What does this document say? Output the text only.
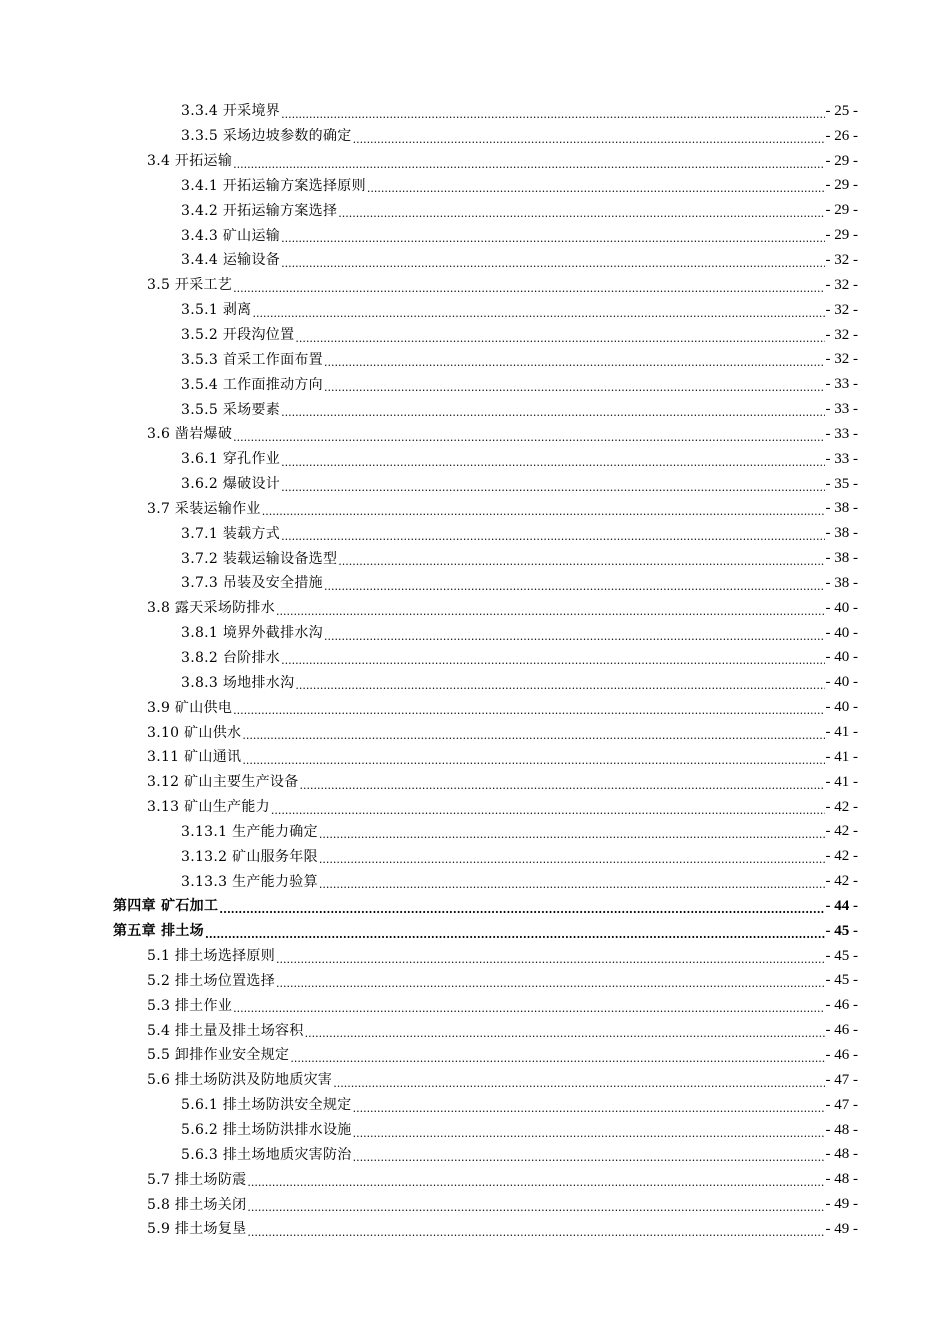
3.3.4 开采境界 .....	- 25 -
3.3.5 采场边坡参数的确定 .....	- 26 -
3.4 开拓运输 .....	- 29 -
3.4.1 开拓运输方案选择原则 .....	- 29 -
3.4.2 开拓运输方案选择 .....	- 29 -
3.4.3 矿山运输 .....	- 29 -
3.4.4 运输设备 .....	- 32 -
3.5 开采工艺 .....	- 32 -
3.5.1 剥离 .....	- 32 -
3.5.2 开段沟位置 .....	- 32 -
3.5.3 首采工作面布置 .....	- 32 -
3.5.4 工作面推动方向 .....	- 33 -
3.5.5 采场要素 .....	- 33 -
3.6 凿岩爆破 .....	- 33 -
3.6.1 穿孔作业 .....	- 33 -
3.6.2 爆破设计 .....	- 35 -
3.7 采装运输作业 .....	- 38 -
3.7.1 装载方式 .....	- 38 -
3.7.2 装载运输设备选型 .....	- 38 -
3.7.3 吊装及安全措施 .....	- 38 -
3.8 露天采场防排水 .....	- 40 -
3.8.1 境界外截排水沟 .....	- 40 -
3.8.2 台阶排水 .....	- 40 -
3.8.3 场地排水沟 .....	- 40 -
3.9 矿山供电 .....	- 40 -
3.10 矿山供水 .....	- 41 -
3.11 矿山通讯 .....	- 41 -
3.12 矿山主要生产设备 .....	- 41 -
3.13 矿山生产能力 .....	- 42 -
3.13.1 生产能力确定 .....	- 42 -
3.13.2 矿山服务年限 .....	- 42 -
3.13.3 生产能力验算 .....	- 42 -
第四章 矿石加工 .....	- 44 -
第五章 排土场 .....	- 45 -
5.1 排土场选择原则 .....	- 45 -
5.2 排土场位置选择 .....	- 45 -
5.3 排土作业 .....	- 46 -
5.4 排土量及排土场容积 .....	- 46 -
5.5 卸排作业安全规定 .....	- 46 -
5.6 排土场防洪及防地质灾害 .....	- 47 -
5.6.1 排土场防洪安全规定 .....	- 47 -
5.6.2 排土场防洪排水设施 .....	- 48 -
5.6.3 排土场地质灾害防治 .....	- 48 -
5.7 排土场防震 .....	- 48 -
5.8 排土场关闭 .....	- 49 -
5.9 排土场复垦 .....	- 49 -
